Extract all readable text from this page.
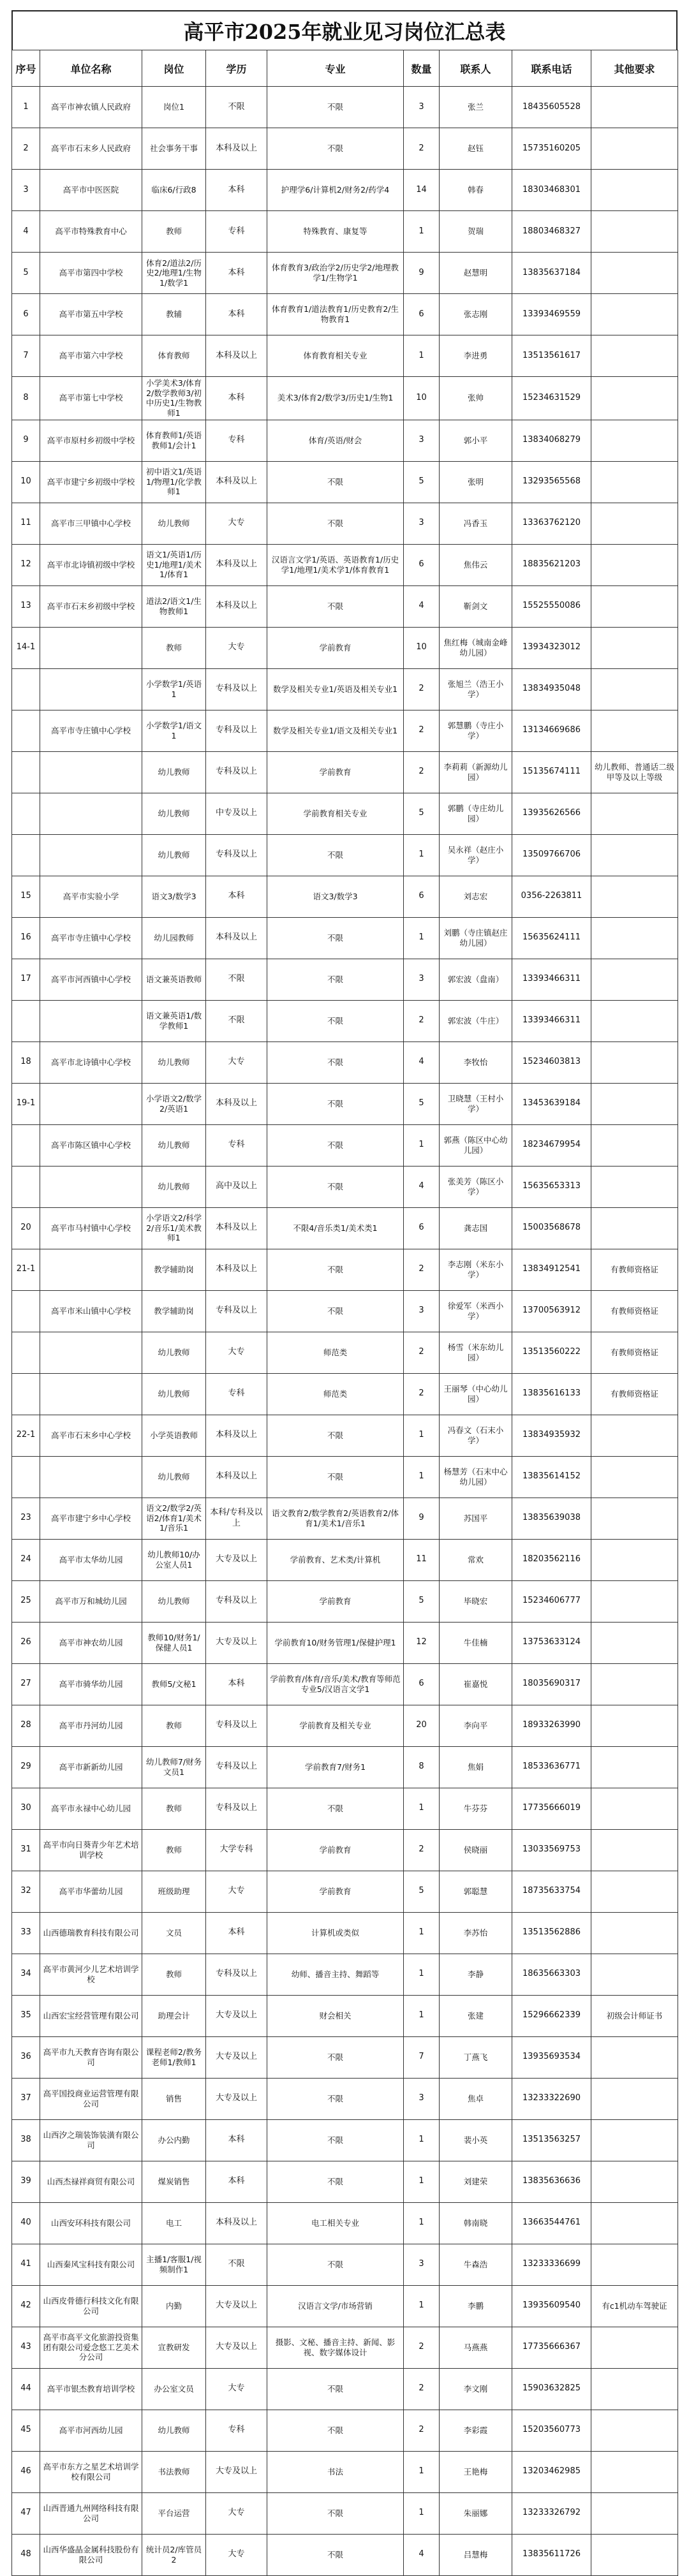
高平市2025年就业见习岗位汇总表
序号	单位名称	岗位	学历	专业	数量	联系人	联系电话	其他要求
1	高平市神农镇人民政府	岗位1	不限	不限	3	张兰	18435605528	
2	高平市石末乡人民政府	社会事务干事	本科及以上	不限	2	赵钰	15735160205	
3	高平市中医医院	临床6/行政8	本科	护理学6/计算机2/财务2/药学4	14	韩春	18303468301	
4	高平市特殊教育中心	教师	专科	特殊教育、康复等	1	贺瑞	18803468327	
5	高平市第四中学校	体育2/道法2/历史2/地理1/生物1/数学1	本科	体育教育3/政治学2/历史学2/地理教学1/生物学1	9	赵慧明	13835637184	
6	高平市第五中学校	教辅	本科	体育教育1/道法教育1/历史教育2/生物教育1	6	张志刚	13393469559	
7	高平市第六中学校	体育教师	本科及以上	体育教育相关专业	1	李进勇	13513561617	
8	高平市第七中学校	小学美术3/体育2/数学教师3/初中历史1/生物教师1	本科	美术3/体育2/数学3/历史1/生物1	10	张帅	15234631529	
9	高平市原村乡初级中学校	体育教师1/英语教师1/会计1	专科	体育/英语/财会	3	郭小平	13834068279	
10	高平市建宁乡初级中学校	初中语文1/英语1/物理1/化学教师1	本科及以上	不限	5	张明	13293565568	
11	高平市三甲镇中心学校	幼儿教师	大专	不限	3	冯香玉	13363762120	
12	高平市北诗镇初级中学校	语文1/英语1/历史1/地理1/美术1/体育1	本科及以上	汉语言文学1/英语、英语教育1/历史学1/地理1/美术学1/体育教育1	6	焦伟云	18835621203	
13	高平市石末乡初级中学校	道法2/语文1/生物教师1	本科及以上	不限	4	靳剑文	15525550086	
14-1		教师	大专	学前教育	10	焦红梅（城南金峰幼儿园）	13934323012	
		小学数学1/英语1	专科及以上	数学及相关专业1/英语及相关专业1	2	张旭兰（浩王小学）	13834935048	
	高平市寺庄镇中心学校	小学数学1/语文1	专科及以上	数学及相关专业1/语文及相关专业1	2	郭慧鹏（寺庄小学）	13134669686	
		幼儿教师	专科及以上	学前教育	2	李莉莉（新源幼儿园）	15135674111	幼儿教师、普通话二级甲等及以上等级
		幼儿教师	中专及以上	学前教育相关专业	5	郭鹏（寺庄幼儿园）	13935626566	
		幼儿教师	专科及以上	不限	1	吴永祥（赵庄小学）	13509766706	
15	高平市实验小学	语文3/数学3	本科	语文3/数学3	6	刘志宏	0356-2263811	
16	高平市寺庄镇中心学校	幼儿园教师	本科及以上	不限	1	刘鹏（寺庄镇赵庄幼儿园）	15635624111	
17	高平市河西镇中心学校	语文兼英语教师	不限	不限	3	郭宏波（盘南）	13393466311	
		语文兼英语1/数学教师1	不限	不限	2	郭宏波（牛庄）	13393466311	
18	高平市北诗镇中心学校	幼儿教师	大专	不限	4	李牧怡	15234603813	
19-1		小学语文2/数学2/英语1	本科及以上	不限	5	卫晓慧（王村小学）	13453639184	
	高平市陈区镇中心学校	幼儿教师	专科	不限	1	郭燕（陈区中心幼儿园）	18234679954	
		幼儿教师	高中及以上	不限	4	张美芳（陈区小学）	15635653313	
20	高平市马村镇中心学校	小学语文2/科学2/音乐1/美术教师1	本科及以上	不限4/音乐类1/美术类1	6	龚志国	15003568678	
21-1		教学辅助岗	本科及以上	不限	2	李志刚（米东小学）	13834912541	有教师资格证
	高平市米山镇中心学校	教学辅助岗	专科及以上	不限	3	徐爱军（米西小学）	13700563912	有教师资格证
		幼儿教师	大专	师范类	2	杨雪（米东幼儿园）	13513560222	有教师资格证
		幼儿教师	专科	师范类	2	王丽琴（中心幼儿园）	13835616133	有教师资格证
22-1	高平市石末乡中心学校	小学英语教师	本科及以上	不限	1	冯春文（石末小学）	13834935932	
		幼儿教师	本科及以上	不限	1	杨慧芳（石末中心幼儿园）	13835614152	
23	高平市建宁乡中心学校	语文2/数学2/英语2/体育1/美术1/音乐1	本科/专科及以上	语文教育2/数学教育2/英语教育2/体育1/美术1/音乐1	9	苏国平	13835639038	
24	高平市太华幼儿园	幼儿教师10/办公室人员1	大专及以上	学前教育、艺术类/计算机	11	常欢	18203562116	
25	高平市万和城幼儿园	幼儿教师	专科及以上	学前教育	5	毕晓宏	15234606777	
26	高平市神农幼儿园	教师10/财务1/保健人员1	大专及以上	学前教育10/财务管理1/保健护理1	12	牛佳楠	13753633124	
27	高平市骑华幼儿园	教师5/文秘1	本科	学前教育/体育/音乐/美术/教育等师范专业5/汉语言文学1	6	崔嘉悦	18035690317	
28	高平市丹河幼儿园	教师	专科及以上	学前教育及相关专业	20	李向平	18933263990	
29	高平市新新幼儿园	幼儿教师7/财务文员1	专科及以上	学前教育7/财务1	8	焦娟	18533636771	
30	高平市永禄中心幼儿园	教师	专科及以上	不限	1	牛芬芬	17735666019	
31	高平市向日葵青少年艺术培训学校	教师	大学专科	学前教育	2	侯晓丽	13033569753	
32	高平市华蕾幼儿园	班级助理	大专	学前教育	5	郭聪慧	18735633754	
33	山西德瑞教育科技有限公司	文员	本科	计算机或类似	1	李苏怡	13513562886	
34	高平市黄河少儿艺术培训学校	教师	专科及以上	幼师、播音主持、舞蹈等	1	李静	18635663303	
35	山西宏宝经营管理有限公司	助理会计	大专及以上	财会相关	1	张建	15296662339	初级会计师证书
36	高平市九天教育咨询有限公司	课程老师2/教务老师1/教师1	大专及以上	不限	7	丁燕飞	13935693534	
37	高平国投商业运营管理有限公司	销售	大专及以上	不限	3	焦卓	13233322690	
38	山西汐之瑞装饰装潢有限公司	办公内勤	本科	不限	1	裴小英	13513563257	
39	山西杰禄祥商贸有限公司	煤炭销售	本科	不限	1	刘建荣	13835636636	
40	山西安环科技有限公司	电工	本科及以上	电工相关专业	1	韩南晓	13663544761	
41	山西秦风宝科技有限公司	主播1/客服1/视频制作1	不限	不限	3	牛森浩	13233336699	
42	山西皮骨德行科技文化有限公司	内勤	大专及以上	汉语言文学/市场营销	1	李鹏	13935609540	有c1机动车驾驶证
43	高平市高平文化旅游投资集团有限公司爱念悠工艺美术分公司	宣教研发	大专及以上	摄影、文秘、播音主持、新闻、影视、数字媒体设计	2	马燕燕	17735666367	
44	高平市银杰教育培训学校	办公室文员	大专	不限	2	李文刚	15903632825	
45	高平市河西幼儿园	幼儿教师	专科	不限	2	李彩霞	15203560773	
46	高平市东方之星艺术培训学校有限公司	书法教师	大专及以上	书法	1	王艳梅	13203462985	
47	山西晋通九州网络科技有限公司	平台运营	大专	不限	1	朱丽娜	13233326792	
48	山西华盛晶金属科技股份有限公司	统计员2/库管员2	大专	不限	4	吕慧梅	13835611726	
